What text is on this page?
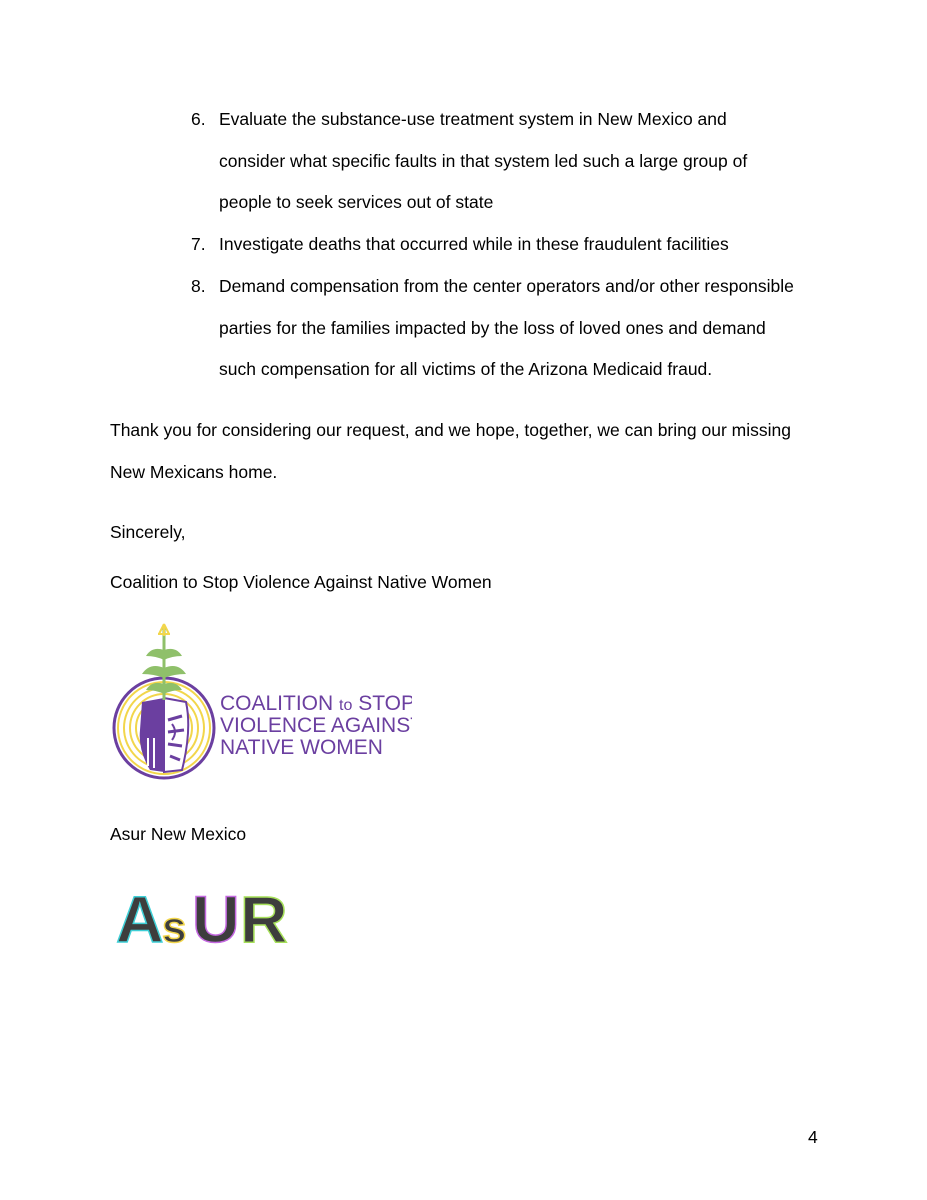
6. Evaluate the substance-use treatment system in New Mexico and
consider what specific faults in that system led such a large group of
people to seek services out of state
7. Investigate deaths that occurred while in these fraudulent facilities
8. Demand compensation from the center operators and/or other responsible
parties for the families impacted by the loss of loved ones and demand
such compensation for all victims of the Arizona Medicaid fraud.
Thank you for considering our request, and we hope, together, we can bring our missing
New Mexicans home.
Sincerely,
Coalition to Stop Violence Against Native Women
COALITION to STOP
VIOLENCE AGAINST
NATIVE WOMEN
Asur New Mexico
A
s U R
4
